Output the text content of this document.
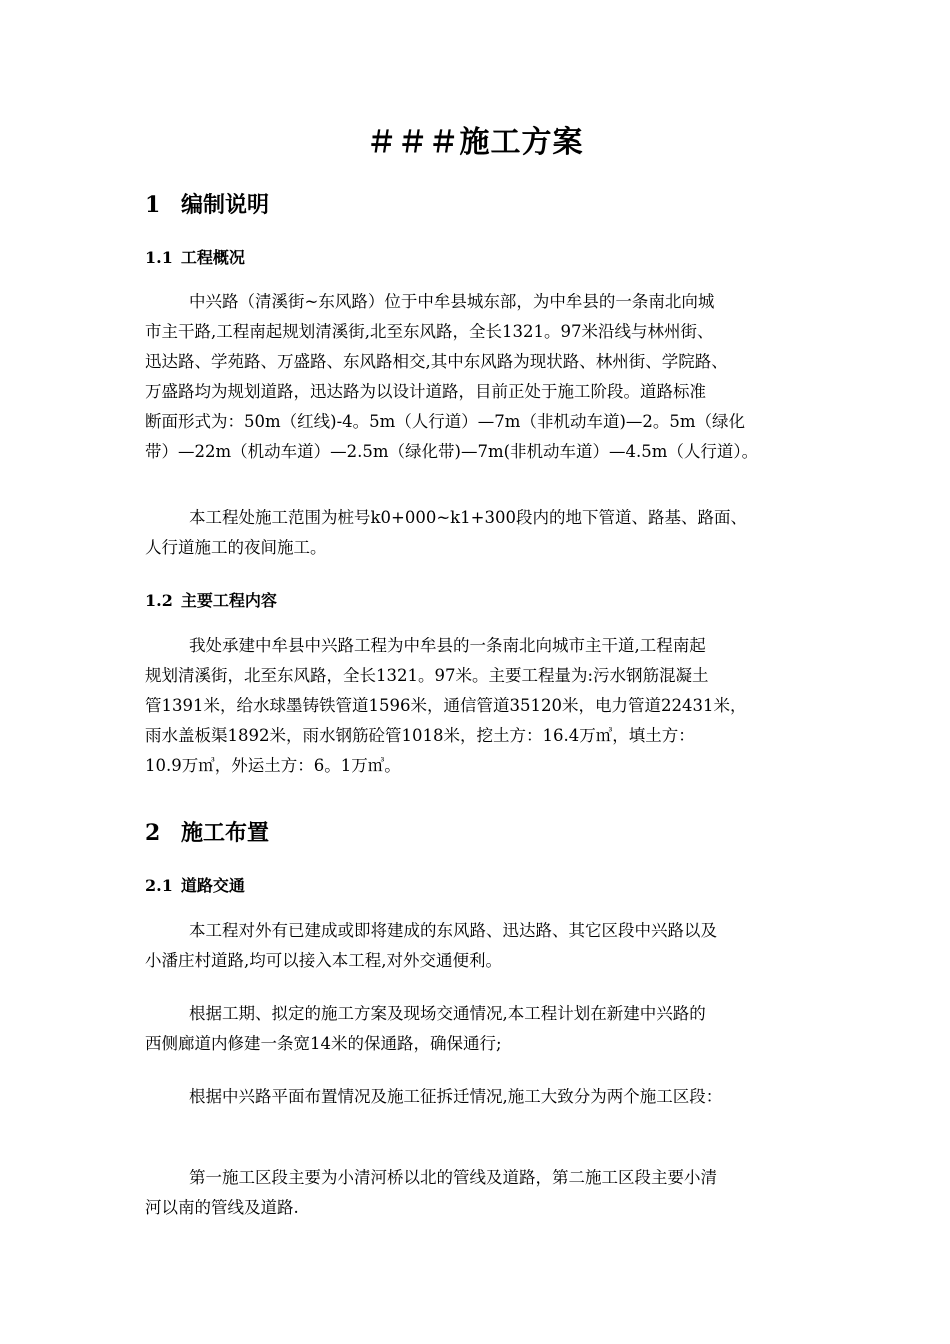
＃＃＃施工方案
1 编制说明
1.1 工程概况
中兴路（清溪街~东风路）位于中牟县城东部，为中牟县的一条南北向城
市主干路,工程南起规划清溪街,北至东风路，全长1321。97米沿线与林州街、
迅达路、学苑路、万盛路、东风路相交,其中东风路为现状路、林州街、学院路、
万盛路均为规划道路，迅达路为以设计道路，目前正处于施工阶段。道路标准
断面形式为：50m（红线)-4。5m（人行道）—7m（非机动车道)—2。5m（绿化
带）—22m（机动车道）—2.5m（绿化带)—7m(非机动车道）—4.5m（人行道）。
本工程处施工范围为桩号k0+000~k1+300段内的地下管道、路基、路面、
人行道施工的夜间施工。
1.2 主要工程内容
我处承建中牟县中兴路工程为中牟县的一条南北向城市主干道,工程南起
规划清溪街，北至东风路，全长1321。97米。主要工程量为:污水钢筋混凝土
管1391米，给水球墨铸铁管道1596米，通信管道35120米，电力管道22431米，
雨水盖板渠1892米，雨水钢筋砼管1018米，挖土方：16.4万㎥，填土方：
10.9万㎥，外运土方：6。1万㎥。
2 施工布置
2.1 道路交通
本工程对外有已建成或即将建成的东风路、迅达路、其它区段中兴路以及
小潘庄村道路,均可以接入本工程,对外交通便利。
根据工期、拟定的施工方案及现场交通情况,本工程计划在新建中兴路的
西侧廊道内修建一条宽14米的保通路，确保通行;
根据中兴路平面布置情况及施工征拆迁情况,施工大致分为两个施工区段：
第一施工区段主要为小清河桥以北的管线及道路，第二施工区段主要小清
河以南的管线及道路.
